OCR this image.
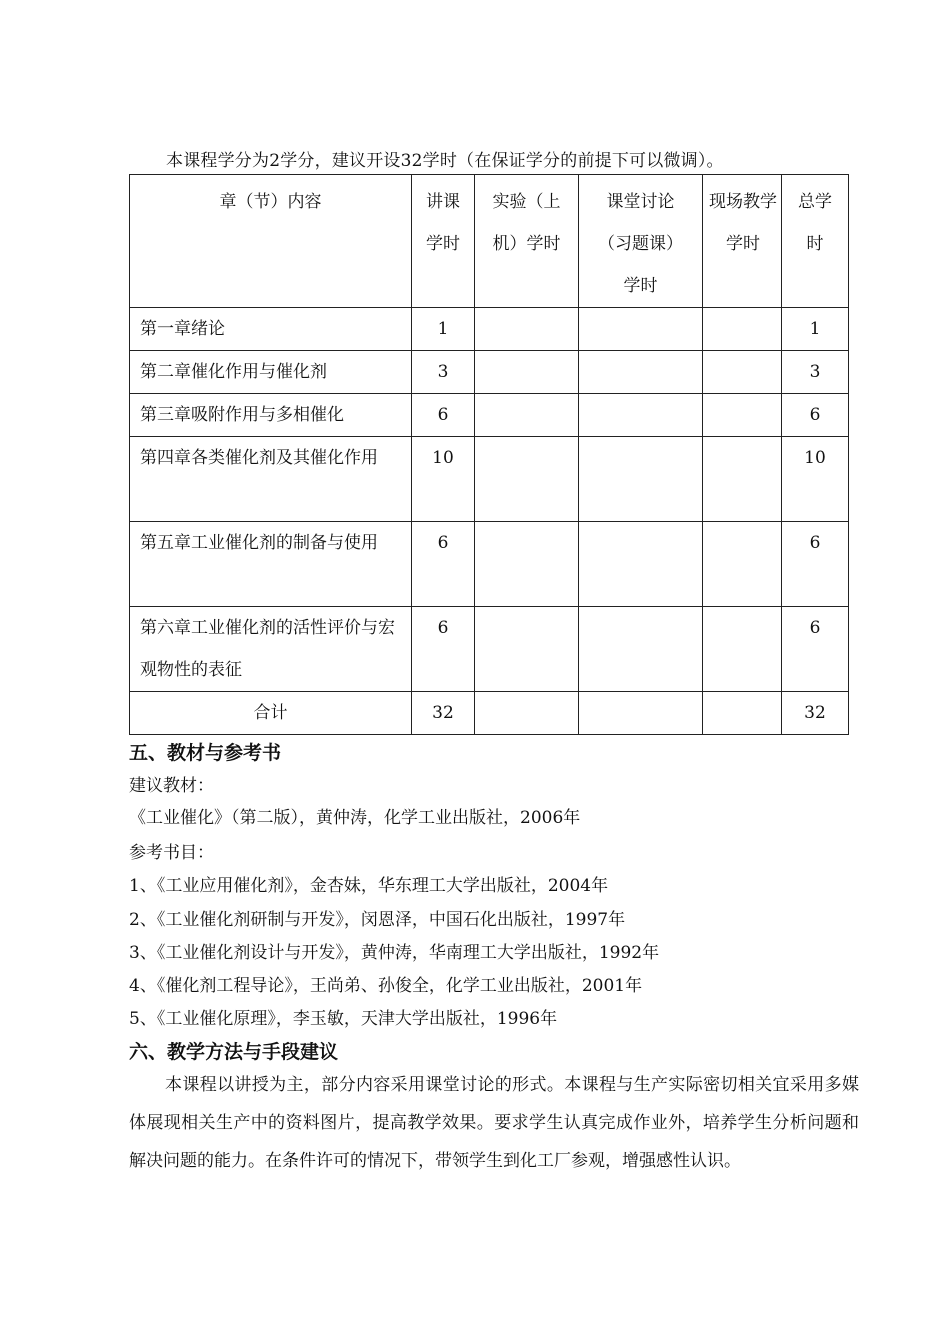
本课程学分为2学分，建议开设32学时（在保证学分的前提下可以微调）。
章（节）内容	讲课学时	实验（上机）学时	课堂讨论（习题课）学时	现场教学学时	总学时
第一章绪论	1				1
第二章催化作用与催化剂	3				3
第三章吸附作用与多相催化	6				6
第四章各类催化剂及其催化作用	10				10
第五章工业催化剂的制备与使用	6				6
第六章工业催化剂的活性评价与宏观物性的表征	6				6
合计	32				32
五、教材与参考书
建议教材：
《工业催化》（第二版），黄仲涛，化学工业出版社，2006年
参考书目：
1、《工业应用催化剂》，金杏妹，华东理工大学出版社，2004年
2、《工业催化剂研制与开发》，闵恩泽，中国石化出版社，1997年
3、《工业催化剂设计与开发》，黄仲涛，华南理工大学出版社，1992年
4、《催化剂工程导论》，王尚弟、孙俊全，化学工业出版社，2001年
5、《工业催化原理》，李玉敏，天津大学出版社，1996年
六、教学方法与手段建议

本课程以讲授为主，部分内容采用课堂讨论的形式。本课程与生产实际密切相关宜采用多媒体展现相关生产中的资料图片，提高教学效果。要求学生认真完成作业外，培养学生分析问题和解决问题的能力。在条件许可的情况下，带领学生到化工厂参观，增强感性认识。
